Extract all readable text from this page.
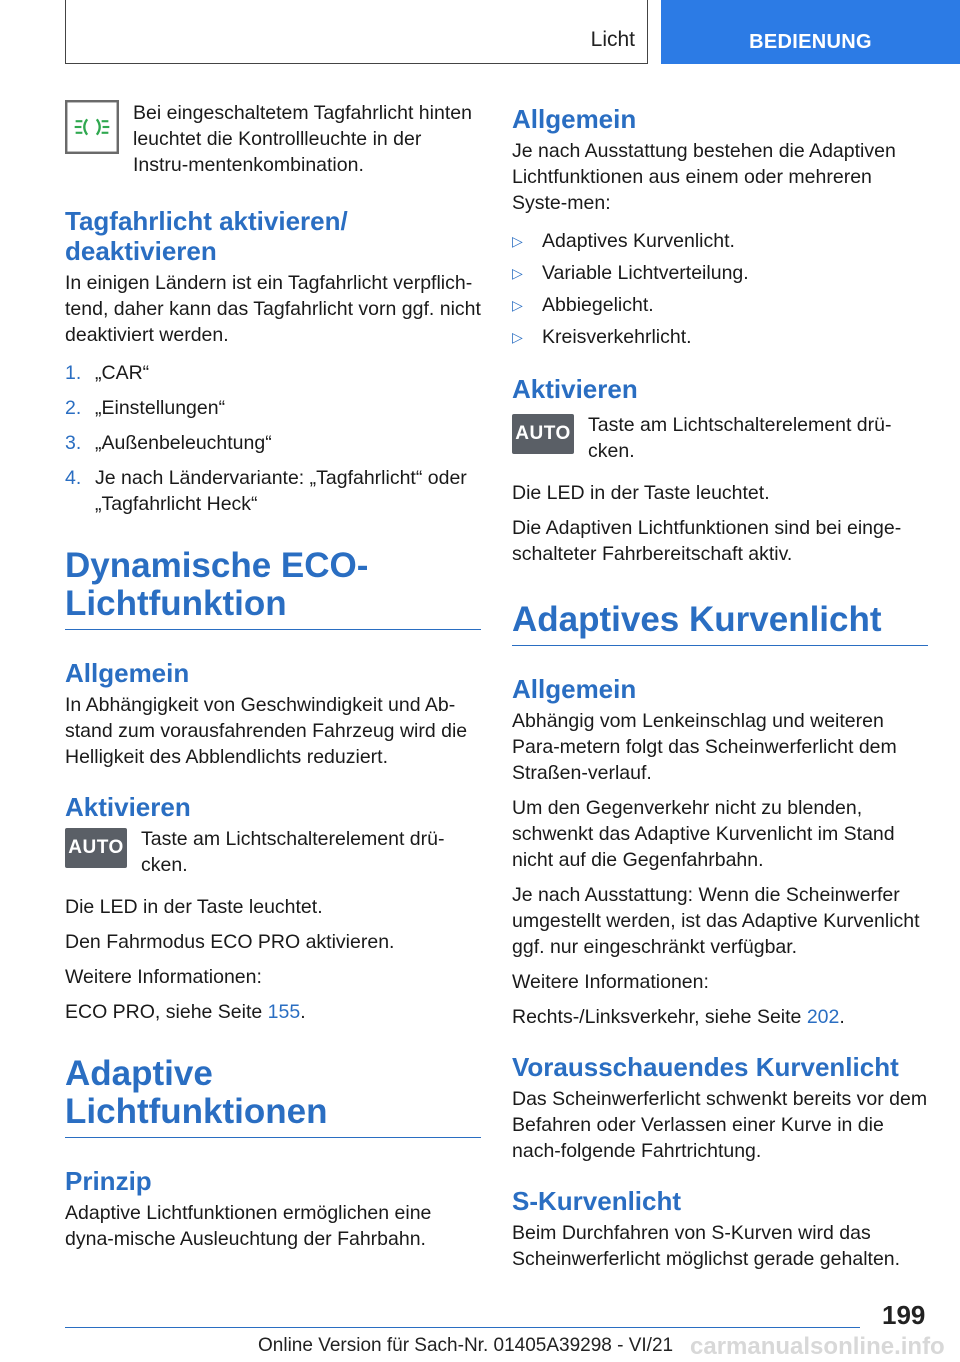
Licht	BEDIENUNG

Bei eingeschaltetem Tagfahrlicht hinten leuchtet die Kontrollleuchte in der Instru-mentenkombination.

Tagfahrlicht aktivieren/ deaktivieren

In einigen Ländern ist ein Tagfahrlicht verpflich-tend, daher kann das Tagfahrlicht vorn ggf. nicht deaktiviert werden.

1. „CAR“
2. „Einstellungen“
3. „Außenbeleuchtung“
4. Je nach Ländervariante: „Tagfahrlicht“ oder „Tagfahrlicht Heck“
Dynamische ECO-Lichtfunktion
Allgemein

In Abhängigkeit von Geschwindigkeit und Ab-stand zum vorausfahrenden Fahrzeug wird die Helligkeit des Abblendlichts reduziert.

Aktivieren
AUTO Taste am Lichtschalterelement drü-cken.

Die LED in der Taste leuchtet.

Den Fahrmodus ECO PRO aktivieren.

Weitere Informationen:

ECO PRO, siehe Seite 155.

Adaptive Lichtfunktionen
Prinzip

Adaptive Lichtfunktionen ermöglichen eine dyna-mische Ausleuchtung der Fahrbahn.

Allgemein

Je nach Ausstattung bestehen die Adaptiven Lichtfunktionen aus einem oder mehreren Syste-men:

▷ Adaptives Kurvenlicht.
▷ Variable Lichtverteilung.
▷ Abbiegelicht.
▷ Kreisverkehrlicht.
Aktivieren
AUTO Taste am Lichtschalterelement drü-cken.

Die LED in der Taste leuchtet.

Die Adaptiven Lichtfunktionen sind bei einge-schalteter Fahrbereitschaft aktiv.

Adaptives Kurvenlicht
Allgemein

Abhängig vom Lenkeinschlag und weiteren Para-metern folgt das Scheinwerferlicht dem Straßen-verlauf.

Um den Gegenverkehr nicht zu blenden, schwenkt das Adaptive Kurvenlicht im Stand nicht auf die Gegenfahrbahn.

Je nach Ausstattung: Wenn die Scheinwerfer umgestellt werden, ist das Adaptive Kurvenlicht ggf. nur eingeschränkt verfügbar.

Weitere Informationen:

Rechts-/Linksverkehr, siehe Seite 202.

Vorausschauendes Kurvenlicht

Das Scheinwerferlicht schwenkt bereits vor dem Befahren oder Verlassen einer Kurve in die nach-folgende Fahrtrichtung.

S-Kurvenlicht

Beim Durchfahren von S-Kurven wird das Scheinwerferlicht möglichst gerade gehalten.

199
Online Version für Sach-Nr. 01405A39298 - VI/21 carmanualsonline.info
